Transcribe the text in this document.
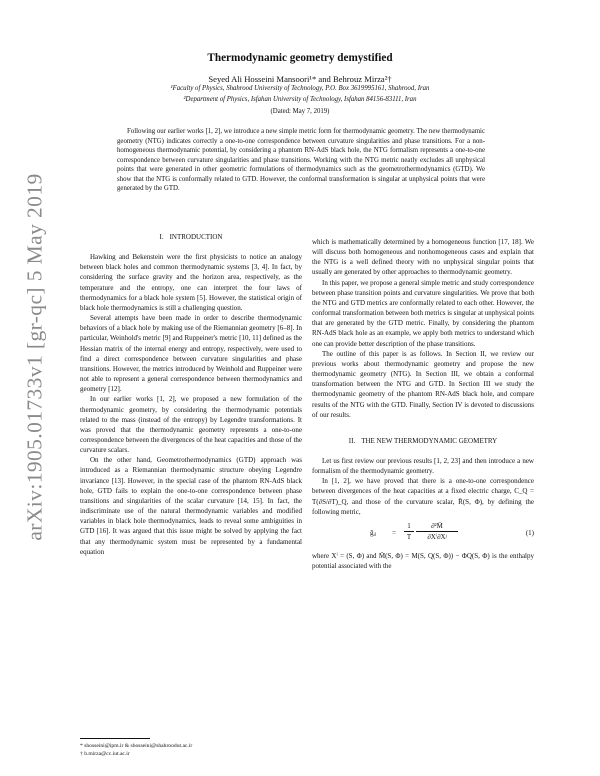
arXiv:1905.01733v1 [gr-qc] 5 May 2019
Thermodynamic geometry demystified
Seyed Ali Hosseini Mansoori¹* and Behrouz Mirza²†
¹Faculty of Physics, Shahrood University of Technology, P.O. Box 3619995161, Shahrood, Iran
²Department of Physics, Isfahan University of Technology, Isfahan 84156-83111, Iran
(Dated: May 7, 2019)

Following our earlier works [1, 2], we introduce a new simple metric form for thermodynamic geometry. The new thermodynamic geometry (NTG) indicates correctly a one-to-one correspondence between curvature singularities and phase transitions. For a non-homogeneous thermodynamic potential, by considering a phantom RN-AdS black hole, the NTG formalism represents a one-to-one correspondence between curvature singularities and phase transitions. Working with the NTG metric neatly excludes all unphysical points that were generated in other geometric formulations of thermodynamics such as the geometrothermodynamics (GTD). We show that the NTG is conformally related to GTD. However, the conformal transformation is singular at unphysical points that were generated by the GTD.

I. INTRODUCTION

Hawking and Bekenstein were the first physicists to notice an analogy between black holes and common thermodynamic systems [3, 4]. In fact, by considering the surface gravity and the horizon area, respectively, as the temperature and the entropy, one can interpret the four laws of thermodynamics for a black hole system [5]. However, the statistical origin of black hole thermodynamics is still a challenging question.

Several attempts have been made in order to describe thermodynamic behaviors of a black hole by making use of the Riemannian geometry [6–8]. In particular, Weinhold's metric [9] and Ruppeiner's metric [10, 11] defined as the Hessian matrix of the internal energy and entropy, respectively, were used to find a direct correspondence between curvature singularities and phase transitions. However, the metrics introduced by Weinhold and Ruppeiner were not able to represent a general correspondence between thermodynamics and geometry [12].

In our earlier works [1, 2], we proposed a new formulation of the thermodynamic geometry, by considering the thermodynamic potentials related to the mass (instead of the entropy) by Legendre transformations. It was proved that the thermodynamic geometry represents a one-to-one correspondence between the divergences of the heat capacities and those of the curvature scalars.

On the other hand, Geometrothermodynamics (GTD) approach was introduced as a Riemannian thermodynamic structure obeying Legendre invariance [13]. However, in the special case of the phantom RN-AdS black hole, GTD fails to explain the one-to-one correspondence between phase transitions and singularities of the scalar curvature [14, 15]. In fact, the indiscriminate use of the natural thermodynamic variables and modified variables in black hole thermodynamics, leads to reveal some ambiguities in GTD [16]. It was argued that this issue might be solved by applying the fact that any thermodynamic system must be represented by a fundamental equation

which is mathematically determined by a homogeneous function [17, 18]. We will discuss both homogeneous and nonhomogeneous cases and explain that the NTG is a well defined theory with no unphysical singular points that usually are generated by other approaches to thermodynamic geometry.

In this paper, we propose a general simple metric and study correspondence between phase transition points and curvature singularities. We prove that both the NTG and GTD metrics are conformally related to each other. However, the conformal transformation between both metrics is singular at unphysical points that are generated by the GTD metric. Finally, by considering the phantom RN-AdS black hole as an example, we apply both metrics to understand which one can provide better description of the phase transitions.

The outline of this paper is as follows. In Section II, we review our previous works about thermodynamic geometry and propose the new thermodynamic geometry (NTG). In Section III, we obtain a conformal transformation between the NTG and GTD. In Section III we study the thermodynamic geometry of the phantom RN-AdS black hole, and compare results of the NTG with the GTD. Finally, Section IV is devoted to discussions of our results.

II. THE NEW THERMODYNAMIC GEOMETRY

Let us first review our previous results [1, 2, 23] and then introduce a new formalism of the thermodynamic geometry.

In [1, 2], we have proved that there is a one-to-one correspondence between divergences of the heat capacities at a fixed electric charge, C_Q = T(∂S/∂T)_Q, and those of the curvature scalar, R̄(S, Φ), by defining the following metric,

ḡᵢⱼ = $\frac{1}{T} \frac{\text{∂²M̄}}{\text{∂Xⁱ∂Xʲ}}$	(1)

where Xⁱ = (S, Φ) and M̄(S, Φ) = M(S, Q(S, Φ)) − ΦQ(S, Φ) is the enthalpy potential associated with the

* shosseini@ipm.ir & shosseini@shahroodut.ac.ir
† b.mirza@cc.iut.ac.ir
